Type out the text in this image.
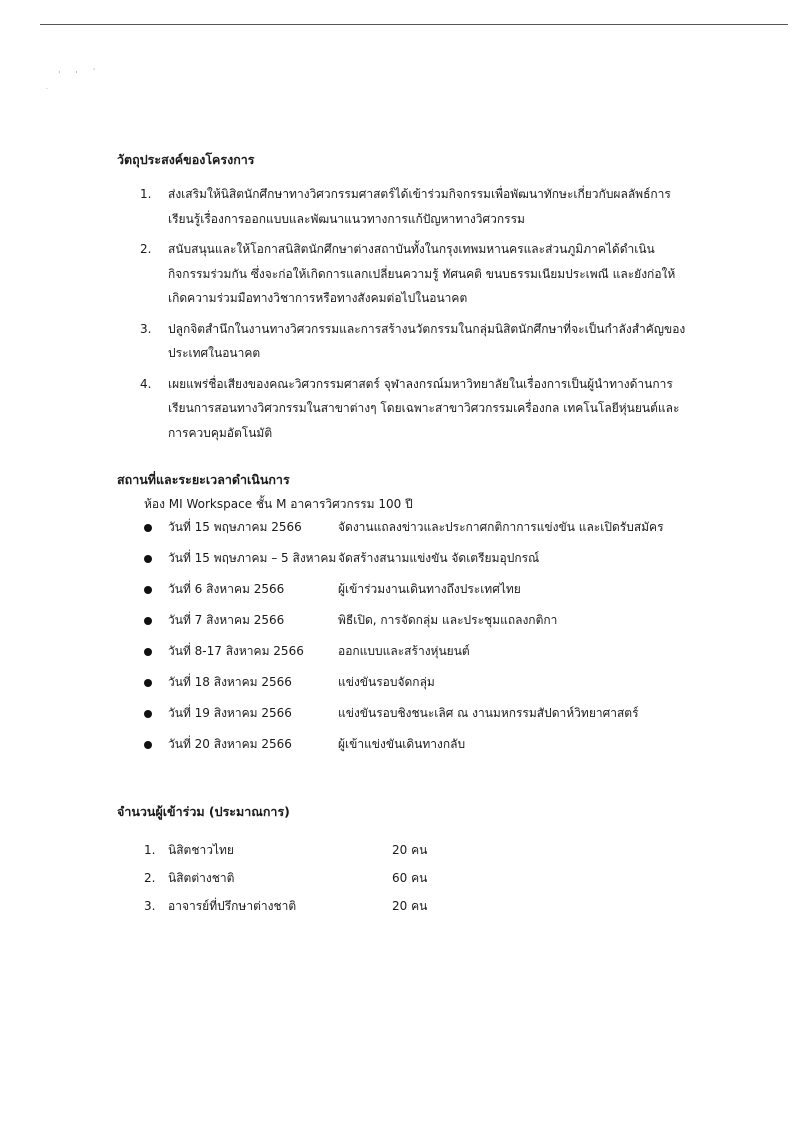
· · ˙
·
วัตถุประสงค์ของโครงการ
1.	ส่งเสริมให้นิสิตนักศึกษาทางวิศวกรรมศาสตร์ได้เข้าร่วมกิจกรรมเพื่อพัฒนาทักษะเกี่ยวกับผลลัพธ์การเรียนรู้เรื่องการออกแบบและพัฒนาแนวทางการแก้ปัญหาทางวิศวกรรม
2.	สนับสนุนและให้โอกาสนิสิตนักศึกษาต่างสถาบันทั้งในกรุงเทพมหานครและส่วนภูมิภาคได้ดำเนินกิจกรรมร่วมกัน ซึ่งจะก่อให้เกิดการแลกเปลี่ยนความรู้ ทัศนคติ ขนบธรรมเนียมประเพณี และยังก่อให้เกิดความร่วมมือทางวิชาการหรือทางสังคมต่อไปในอนาคต
3.	ปลูกจิตสำนึกในงานทางวิศวกรรมและการสร้างนวัตกรรมในกลุ่มนิสิตนักศึกษาที่จะเป็นกำลังสำคัญของประเทศในอนาคต
4.	เผยแพร่ชื่อเสียงของคณะวิศวกรรมศาสตร์ จุฬาลงกรณ์มหาวิทยาลัยในเรื่องการเป็นผู้นำทางด้านการเรียนการสอนทางวิศวกรรมในสาขาต่างๆ โดยเฉพาะสาขาวิศวกรรมเครื่องกล เทคโนโลยีหุ่นยนต์และการควบคุมอัตโนมัติ
สถานที่และระยะเวลาดำเนินการ
ห้อง MI Workspace ชั้น M อาคารวิศวกรรม 100 ปี
วันที่ 15 พฤษภาคม 2566	จัดงานแถลงข่าวและประกาศกติกาการแข่งขัน และเปิดรับสมัคร
วันที่ 15 พฤษภาคม – 5 สิงหาคม จัดสร้างสนามแข่งขัน จัดเตรียมอุปกรณ์
วันที่ 6 สิงหาคม 2566	ผู้เข้าร่วมงานเดินทางถึงประเทศไทย
วันที่ 7 สิงหาคม 2566	พิธีเปิด, การจัดกลุ่ม และประชุมแถลงกติกา
วันที่ 8-17 สิงหาคม 2566	ออกแบบและสร้างหุ่นยนต์
วันที่ 18 สิงหาคม 2566	แข่งขันรอบจัดกลุ่ม
วันที่ 19 สิงหาคม 2566	แข่งขันรอบชิงชนะเลิศ ณ งานมหกรรมสัปดาห์วิทยาศาสตร์
วันที่ 20 สิงหาคม 2566	ผู้เข้าแข่งขันเดินทางกลับ
จำนวนผู้เข้าร่วม (ประมาณการ)
1.	นิสิตชาวไทย	20 คน
2.	นิสิตต่างชาติ	60 คน
3.	อาจารย์ที่ปรึกษาต่างชาติ	20 คน
